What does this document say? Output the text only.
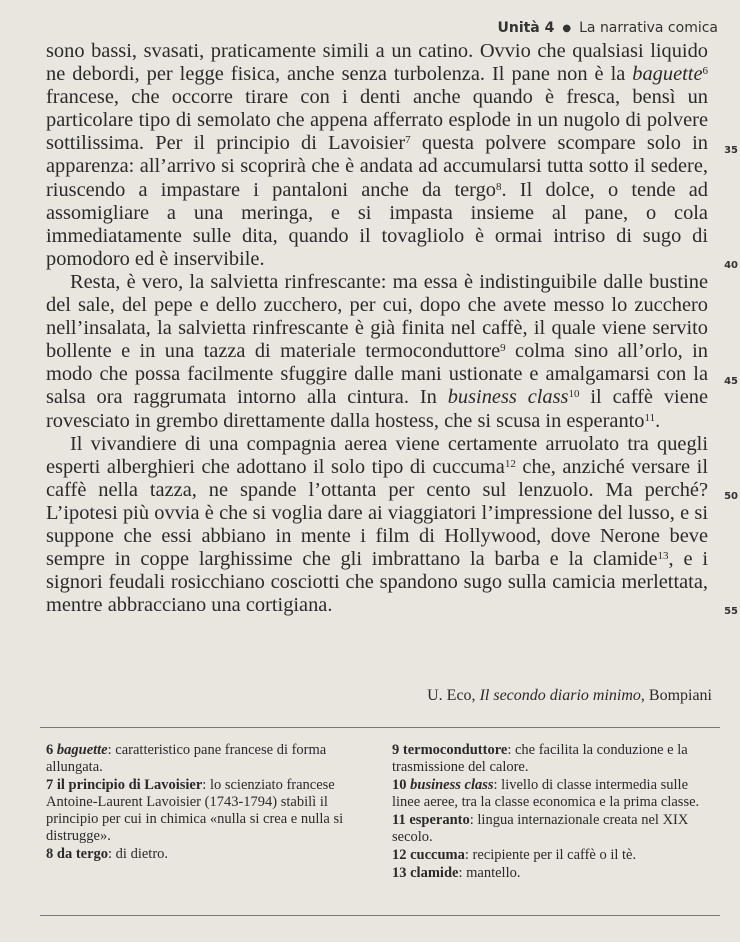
Unità 4 ● La narrativa comica

sono bassi, svasati, praticamente simili a un catino. Ovvio che qualsiasi liquido ne debordi, per legge fisica, anche senza turbolenza. Il pane non è la baguette$^6$ francese, che occorre tirare con i denti anche quando è fresca, bensì un particolare tipo di semolato che appena afferrato esplode in un nugolo di polvere sottilissima. Per il principio di Lavoisier$^7$ questa polvere scompare solo in apparenza: all’arrivo si scoprirà che è andata ad accumularsi tutta sotto il sedere, riuscendo a impastare i pantaloni anche da tergo$^8$. Il dolce, o tende ad assomigliare a una meringa, e si impasta insieme al pane, o cola immediatamente sulle dita, quando il tovagliolo è ormai intriso di sugo di pomodoro ed è inservibile.

Resta, è vero, la salvietta rinfrescante: ma essa è indistinguibile dalle bustine del sale, del pepe e dello zucchero, per cui, dopo che avete messo lo zucchero nell’insalata, la salvietta rinfrescante è già finita nel caffè, il quale viene servito bollente e in una tazza di materiale termoconduttore$^9$ colma sino all’orlo, in modo che possa facilmente sfuggire dalle mani ustionate e amalgamarsi con la salsa ora raggrumata intorno alla cintura. In business class$^{10}$ il caffè viene rovesciato in grembo direttamente dalla hostess, che si scusa in esperanto$^{11}$.

Il vivandiere di una compagnia aerea viene certamente arruolato tra quegli esperti alberghieri che adottano il solo tipo di cuccuma$^{12}$ che, anziché versare il caffè nella tazza, ne spande l’ottanta per cento sul lenzuolo. Ma perché? L’ipotesi più ovvia è che si voglia dare ai viaggiatori l’impressione del lusso, e si suppone che essi abbiano in mente i film di Hollywood, dove Nerone beve sempre in coppe larghissime che gli imbrattano la barba e la clamide$^{13}$, e i signori feudali rosicchiano cosciotti che spandono sugo sulla camicia merlettata, mentre abbracciano una cortigiana.

35
40
45
50
55
U. Eco, Il secondo diario minimo, Bompiani

6 baguette: caratteristico pane francese di forma allungata.

7 il principio di Lavoisier: lo scienziato francese Antoine-Laurent Lavoisier (1743-1794) stabilì il principio per cui in chimica «nulla si crea e nulla si distrugge».

8 da tergo: di dietro.

9 termoconduttore: che facilita la conduzione e la trasmissione del calore.

10 business class: livello di classe intermedia sulle linee aeree, tra la classe economica e la prima classe.

11 esperanto: lingua internazionale creata nel XIX secolo.

12 cuccuma: recipiente per il caffè o il tè.

13 clamide: mantello.
